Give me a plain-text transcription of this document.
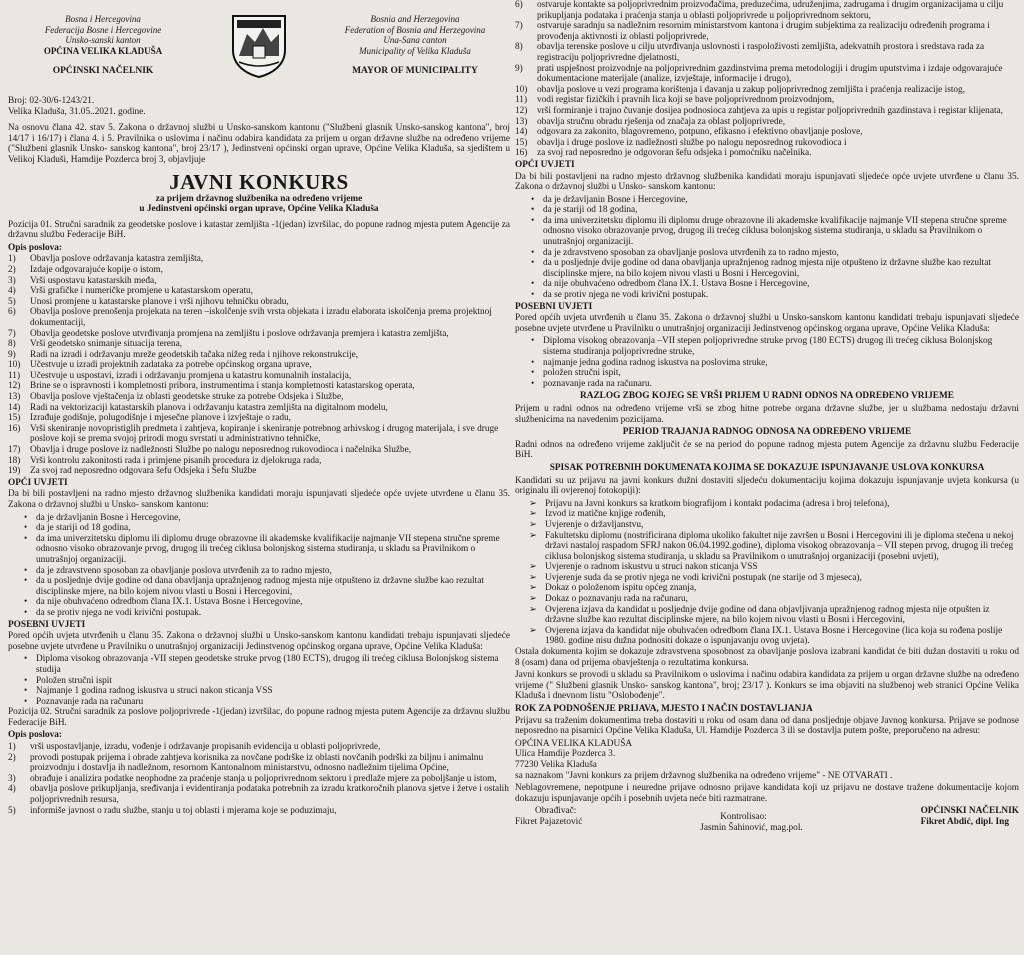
Bosna i Hercegovina
Federacija Bosne i Hercegovine
Unsko-sanski kanton
OPĆINA VELIKA KLADUŠA
OPĆINSKI NAČELNIK
Bosnia and Herzegovina
Federation of Bosnia and Herzegovina
Una-Sana canton
Municipality of Velika Kladuša
MAYOR OF MUNICIPALITY
Broj: 02-30/6-1243/21.
Velika Kladuša, 31.05..2021. godine.

Na osnovu člana 42. stav 5. Zakona o državnoj službi u Unsko-sanskom kantonu ("Službeni glasnik Unsko-sanskog kantona", broj 14/17 i 16/17) i člana 4. i 5. Pravilnika o uslovima i načinu odabira kandidata za prijem u organ državne službe na određeno vrijeme ("Službeni glasnik Unsko- sanskog kantona", broj 23/17 ), Jedinstveni općinski organ uprave, Općine Velika Kladuša, sa sjedištem u Velikoj Kladuši, Hamdije Pozderca broj 3, objavljuje

JAVNI KONKURS
za prijem državnog službenika na određeno vrijeme
u Jedinstveni općinski organ uprave, Općine Velika Kladuša

Pozicija 01. Stručni saradnik za geodetske poslove i katastar zemljišta -1(jedan) izvršilac, do popune radnog mjesta putem Agencije za državnu službu Federacije BiH.

Opis poslova:
1)	Obavlja poslove održavanja katastra zemljišta,
2)	Izdaje odgovarajuće kopije o istom,
3)	Vrši uspostavu katastarskih međa,
4)	Vrši grafičke i numeričke promjene u katastarskom operatu,
5)	Unosi promjene u katastarske planove i vrši njihovu tehničku obradu,
6)	Obavlja poslove prenošenja projekata na teren –iskolčenje svih vrsta objekata i izradu elaborata iskolčenja prema projektnoj dokumentaciji,
7)	Obavlja geodetske poslove utvrđivanja promjena na zemljištu i poslove održavanja premjera i katastra zemljišta,
8)	Vrši geodetsko snimanje situacija terena,
9)	Radi na izradi i održavanju mreže geodetskih tačaka nižeg reda i njihove rekonstrukcije,
10)	Učestvuje u izradi projektnih zadataka za potrebe općinskog organa uprave,
11)	Učestvuje u uspostavi, izradi i održavanju promjena u katastru komunalnih instalacija,
12)	Brine se o ispravnosti i kompletnosti pribora, instrumentima i stanja kompletnosti katastarskog operata,
13)	Obavlja poslove vještačenja iz oblasti geodetske struke za potrebe Odsjeka i Službe,
14)	Radi na vektorizaciji katastarskih planova i održavanju katastra zemljišta na digitalnom modelu,
15)	Izrađuje godišnje, polugodišnje i mjesečne planove i izvještaje o radu,
16)	Vrši skeniranje novopristiglih predmeta i zahtjeva, kopiranje i skeniranje potrebnog arhivskog i drugog materijala, i sve druge poslove koji se prema svojoj prirodi mogu svrstati u administrativno tehničke,
17)	Obavlja i druge poslove iz nadležnosti Službe po nalogu neposrednog rukovodioca i načelnika Službe,
18)	Vrši kontrolu zakonitosti rada i primjene pisanih procedura iz djelokruga rada,
19)	Za svoj rad neposredno odgovara šefu Odsjeka i Šefu Službe
OPĆI UVJETI

Da bi bili postavljeni na radno mjesto državnog službenika kandidati moraju ispunjavati sljedeće opće uvjete utvrđene u članu 35. Zakona o državnoj službi u Unsko- sanskom kantonu:

• da je državljanin Bosne i Hercegovine,
• da je stariji od 18 godina,
• da ima univerzitetsku diplomu ili diplomu druge obrazovne ili akademske kvalifikacije najmanje VII stepena stručne spreme odnosno visoko obrazovanje prvog, drugog ili trećeg ciklusa bolonjskog sistema studiranja, u skladu sa Pravilnikom o unutrašnjoj organizaciji.
• da je zdravstveno sposoban za obavljanje poslova utvrđenih za to radno mjesto,
• da u posljednje dvije godine od dana obavljanja upražnjenog radnog mjesta nije otpušteno iz državne službe kao rezultat disciplinske mjere, na bilo kojem nivou vlasti u Bosni i Hercegovini,
• da nije obuhvaćeno odredbom člana IX.1. Ustava Bosne i Hercegovine,
• da se protiv njega ne vodi krivični postupak.
POSEBNI UVJETI

Pored općih uvjeta utvrđenih u članu 35. Zakona o državnoj službi u Unsko-sanskom kantonu kandidati trebaju ispunjavati sljedeće posebne uvjete utvrđene u Pravilniku o unutrašnjoj organizaciji Jedinstvenog općinskog organa uprave, Općine Velika Kladuša:

• Diploma visokog obrazovanja -VII stepen geodetske struke prvog (180 ECTS), drugog ili trećeg ciklusa Bolonjskog sistema studija
• Položen stručni ispit
• Najmanje 1 godina radnog iskustva u struci nakon sticanja VSS
• Poznavanje rada na računaru

Pozicija 02. Stručni saradnik za poslove poljoprivrede -1(jedan) izvršilac, do popune radnog mjesta putem Agencije za državnu službu Federacije BiH.

Opis poslova:
1)	vrši uspostavljanje, izradu, vođenje i održavanje propisanih evidencija u oblasti poljoprivrede,
2)	provodi postupak prijema i obrade zahtjeva korisnika za novčane podrške iz oblasti novčanih podrški za biljnu i animalnu proizvodnju i dostavlja ih nadležnom, resornom Kantonalnom ministarstvu, odnosno nadležnim tijelima Općine,
3)	obrađuje i analizira podatke neophodne za praćenje stanja u poljoprivrednom sektoru i predlaže mjere za poboljšanje u istom,
4)	obavlja poslove prikupljanja, sređivanja i evidentiranja podataka potrebnih za izradu kratkoročnih planova sjetve i žetve i ostalih poljoprivrednih resursa,
5)	informiše javnost o radu službe, stanju u toj oblasti i mjerama koje se poduzimaju,
6)	ostvaruje kontakte sa poljoprivrednim proizvođačima, preduzećima, udruženjima, zadrugama i drugim organizacijama u cilju prikupljanja podataka i praćenja stanja u oblasti poljoprivrede u poljoprivrednom sektoru,
7)	ostvaruje saradnju sa nadležnim resornim ministarstvom kantona i drugim subjektima za realizaciju određenih programa i provođenja aktivnosti iz oblasti poljoprivrede,
8)	obavlja terenske poslove u cilju utvrđivanja uslovnosti i raspoloživosti zemljišta, adekvatnih prostora i sredstava rada za registraciju poljoprivredne djelatnosti,
9)	prati uspješnost proizvodnje na poljoprivrednim gazdinstvima prema metodologiji i drugim uputstvima i izdaje odgovarajuće dokumentacione materijale (analize, izvještaje, informacije i drugo),
10)	obavlja poslove u vezi programa korištenja i davanja u zakup poljoprivrednog zemljišta i praćenja realizacije istog,
11)	vodi registar fizičkih i pravnih lica koji se bave poljoprivrednom proizvodnjom,
12)	vrši formiranje i trajno čuvanje dosijea podnosioca zahtjeva za upis u registar poljoprivrednih gazdinstava i registar klijenata,
13)	obavlja stručnu obradu rješenja od značaja za oblast poljoprivrede,
14)	odgovara za zakonito, blagovremeno, potpuno, efikasno i efektivno obavljanje poslove,
15)	obavlja i druge poslove iz nadležnosti službe po nalogu neposrednog rukovodioca i
16)	za svoj rad neposredno je odgovoran šefu odsjeka i pomoćniku načelnika.
OPĆI UVJETI

Da bi bili postavljeni na radno mjesto državnog službenika kandidati moraju ispunjavati sljedeće opće uvjete utvrđene u članu 35. Zakona o državnoj službi u Unsko- sanskom kantonu:

• da je državljanin Bosne i Hercegovine,
• da je stariji od 18 godina,
• da ima univerzitetsku diplomu ili diplomu druge obrazovne ili akademske kvalifikacije najmanje VII stepena stručne spreme odnosno visoko obrazovanje prvog, drugog ili trećeg ciklusa bolonjskog sistema studiranja, u skladu sa Pravilnikom o unutrašnjoj organizaciji.
• da je zdravstveno sposoban za obavljanje poslova utvrđenih za to radno mjesto,
• da u posljednje dvije godine od dana obavljanja upražnjenog radnog mjesta nije otpušteno iz državne službe kao rezultat disciplinske mjere, na bilo kojem nivou vlasti u Bosni i Hercegovini,
• da nije obuhvaćeno odredbom člana IX.1. Ustava Bosne i Hercegovine,
• da se protiv njega ne vodi krivični postupak.
POSEBNI UVJETI

Pored općih uvjeta utvrđenih u članu 35. Zakona o državnoj službi u Unsko-sanskom kantonu kandidati trebaju ispunjavati sljedeće posebne uvjete utvrđene u Pravilniku o unutrašnjoj organizaciji Jedinstvenog općinskog organa uprave, Općine Velika Kladuša:

• Diploma visokog obrazovanja –VII stepen poljoprivredne struke prvog (180 ECTS) drugog ili trećeg ciklusa Bolonjskog sistema studiranja poljoprivredne struke,
• najmanje jedna godina radnog iskustva na poslovima struke,
• položen stručni ispit,
• poznavanje rada na računaru.
RAZLOG ZBOG KOJEG SE VRŠI PRIJEM U RADNI ODNOS NA ODREĐENO VRIJEME

Prijem u radni odnos na određeno vrijeme vrši se zbog hitne potrebe organa državne službe, jer u službama nedostaju državni službenicima na navedenim pozicijama.

PERIOD TRAJANJA RADNOG ODNOSA NA ODREĐENO VRIJEME

Radni odnos na određeno vrijeme zaključit će se na period do popune radnog mjesta putem Agencije za državnu službu Federacije BiH.

SPISAK POTREBNIH DOKUMENATA KOJIMA SE DOKAZUJE ISPUNJAVANJE USLOVA KONKURSA

Kandidati su uz prijavu na javni konkurs dužni dostaviti sljedeću dokumentaciju kojima dokazuju ispunjavanje uvjeta konkursa (u originalu ili ovjerenoj fotokopiji):

➢ Prijavu na Javni konkurs sa kratkom biografijom i kontakt podacima (adresa i broj telefona),
➢ Izvod iz matične knjige rođenih,
➢ Uvjerenje o državljanstvu,
➢ Fakultetsku diplomu (nostrificirana diploma ukoliko fakultet nije završen u Bosni i Hercegovini ili je diploma stečena u nekoj državi nastaloj raspadom SFRJ nakon 06.04.1992.godine), diploma visokog obrazovanja – VII stepen prvog, drugog ili trećeg ciklusa bolonjskog sistema studiranja, u skladu sa Pravilnikom o unutrašnjoj organizaciji (posebni uvjeti),
➢ Uvjerenje o radnom iskustvu u struci nakon sticanja VSS
➢ Uvjerenje suda da se protiv njega ne vodi krivični postupak (ne starije od 3 mjeseca),
➢ Dokaz o položenom ispitu općeg znanja,
➢ Dokaz o poznavanju rada na računaru,
➢ Ovjerena izjava da kandidat u posljednje dvije godine od dana objavljivanja upražnjenog radnog mjesta nije otpušten iz državne službe kao rezultat disciplinske mjere, na bilo kojem nivou vlasti u Bosni i Hercegovini,
➢ Ovjerena izjava da kandidat nije obuhvaćen odredbom člana IX.1. Ustava Bosne i Hercegovine (lica koja su rođena poslije 1980. godine nisu dužna podnositi dokaze o ispunjavanju ovog uvjeta).

Ostala dokumenta kojim se dokazuje zdravstvena sposobnost za obavljanje poslova izabrani kandidat će biti dužan dostaviti u roku od 8 (osam) dana od prijema obavještenja o rezultatima konkursa.

Javni konkurs se provodi u skladu sa Pravilnikom o uslovima i načinu odabira kandidata za prijem u organ državne službe na određeno vrijeme (" Službeni glasnik Unsko- sanskog kantona", broj; 23/17 ). Konkurs se ima objaviti na službenoj web stranici Općine Velika Kladuša i dnevnom listu "Oslobođenje".

ROK ZA PODNOŠENJE PRIJAVA, MJESTO I NAČIN DOSTAVLJANJA

Prijavu sa traženim dokumentima treba dostaviti u roku od osam dana od dana posljednje objave Javnog konkursa. Prijave se podnose neposredno na pisarnici Općine Velika Kladuša, Ul. Hamdije Pozderca 3 ili se dostavlja putem pošte, preporučeno na adresu:

OPĆINA VELIKA KLADUŠA
Ulica Hamdije Pozderca 3.
77230 Velika Kladuša

sa naznakom "Javni konkurs za prijem državnog službenika na određeno vrijeme" - NE OTVARATI .

Neblagovremene, nepotpune i neuredne prijave odnosno prijave kandidata koji uz prijavu ne dostave tražene dokumentacije kojom dokazuju ispunjavanje općih i posebnih uvjeta neće biti razmatrane.

Obrađivač:
Fikret Pajazetović	Kontrolisao:
Jasmin Šahinović, mag.pol.
OPĆINSKI NAČELNIK
Fikret Abdić, dipl. Ing
